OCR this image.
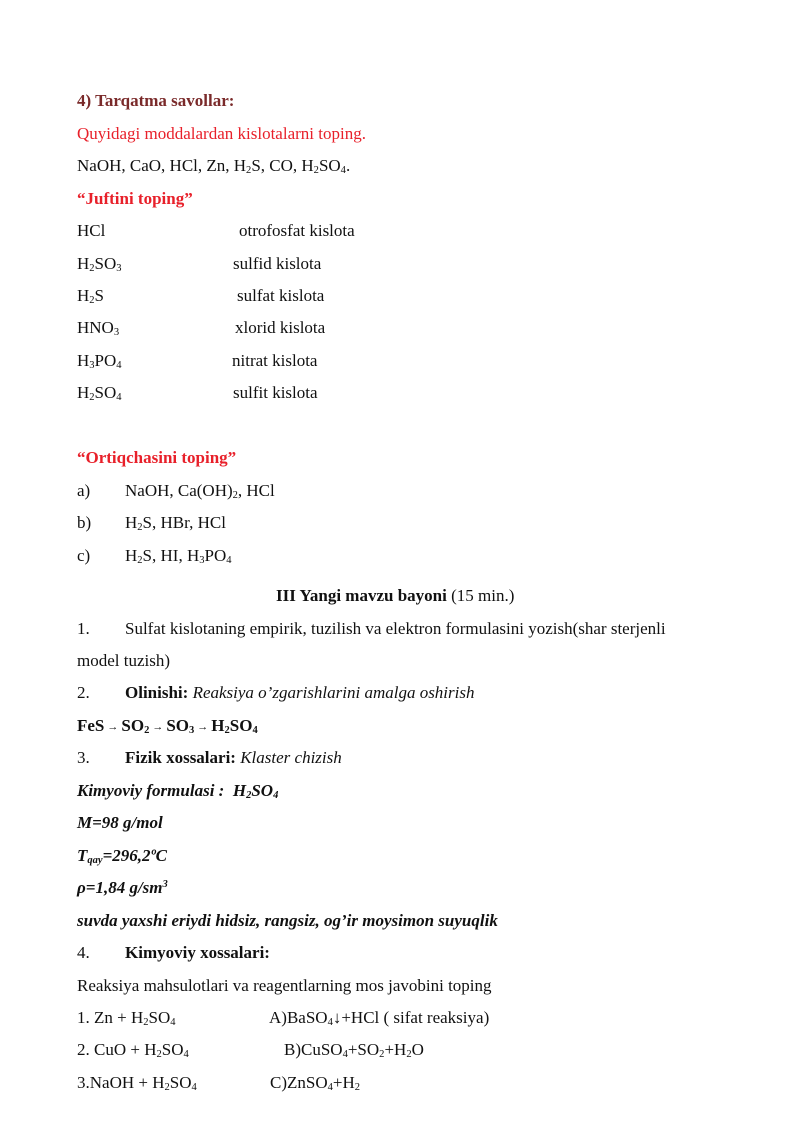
4) Tarqatma savollar:
Quyidagi moddalardan kislotalarni toping.
NaOH, CaO, HCl, Zn, $H_2S$, CO, $H_2SO_4$.
“Juftini toping”
HCl	otrofosfat kislota
$H_2SO_3$	sulfid kislota
$H_2S$	sulfat kislota
$HNO_3$	xlorid kislota
$H_3PO_4$	nitrat kislota
$H_2SO_4$	sulfit kislota
“Ortiqchasini toping”
a) NaOH, $Ca(OH)_2$, HCl
b) $H_2S$, HBr, HCl
c) $H_2S$, HI, $H_3PO_4$
III Yangi mavzu bayoni (15 min.)
1. Sulfat kislotaning empirik, tuzilish va elektron formulasini yozish(shar sterjenli
model tuzish)
2. Olinishi: Reaksiya o’zgarishlarini amalga oshirish
FeS → $SO_2 \to SO_3 \to H_2SO_4$
3. Fizik xossalari: Klaster chizish
Kimyoviy formulasi : $H_2SO_4$
M=98 g/mol
$T_{qay}=296,2ºC$
ρ=1,84 $g/sm^3$
suvda yaxshi eriydi hidsiz, rangsiz, og’ir moysimon suyuqlik
4. Kimyoviy xossalari:
Reaksiya mahsulotlari va reagentlarning mos javobini toping
1. $Zn + H_2SO_4$	A)BaSO$_4$↓+HCl ( sifat reaksiya)
2. CuO + $H_2SO_4$	$B)CuSO_4+SO_2+H_2O$
3.NaOH + $H_2SO_4$	$C)ZnSO_4+H_2$
